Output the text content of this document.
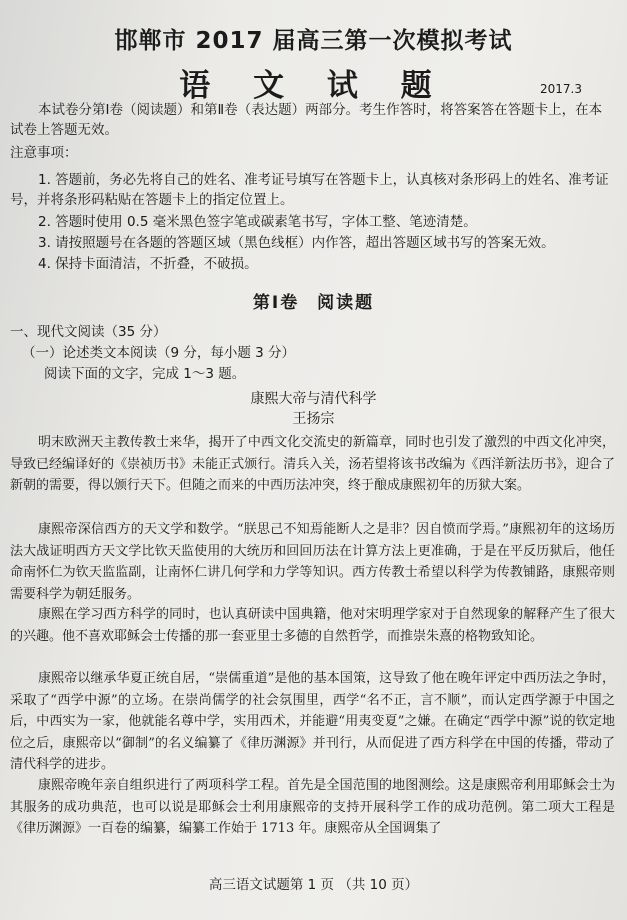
邯郸市 2017 届高三第一次模拟考试
语 文 试 题	2017.3
本试卷分第Ⅰ卷（阅读题）和第Ⅱ卷（表达题）两部分。考生作答时，将答案答在答题卡上，在本试卷上答题无效。
注意事项：
1. 答题前，务必先将自己的姓名、准考证号填写在答题卡上，认真核对条形码上的姓名、准考证号，并将条形码粘贴在答题卡上的指定位置上。
2. 答题时使用 0.5 毫米黑色签字笔或碳素笔书写，字体工整、笔迹清楚。
3. 请按照题号在各题的答题区域（黑色线框）内作答，超出答题区域书写的答案无效。
4. 保持卡面清洁，不折叠，不破损。
第Ⅰ卷 阅读题
一、现代文阅读（35 分）
（一）论述类文本阅读（9 分，每小题 3 分）
阅读下面的文字，完成 1～3 题。
康熙大帝与清代科学
王扬宗
明末欧洲天主教传教士来华，揭开了中西文化交流史的新篇章，同时也引发了激烈的中西文化冲突，导致已经编译好的《崇祯历书》未能正式颁行。清兵入关，汤若望将该书改编为《西洋新法历书》，迎合了新朝的需要，得以颁行天下。但随之而来的中西历法冲突，终于酿成康熙初年的历狱大案。
康熙帝深信西方的天文学和数学。“朕思己不知焉能断人之是非？因自愤而学焉。”康熙初年的这场历法大战证明西方天文学比钦天监使用的大统历和回回历法在计算方法上更准确，于是在平反历狱后，他任命南怀仁为钦天监监副，让南怀仁讲几何学和力学等知识。西方传教士希望以科学为传教铺路，康熙帝则需要科学为朝廷服务。
康熙在学习西方科学的同时，也认真研读中国典籍，他对宋明理学家对于自然现象的解释产生了很大的兴趣。他不喜欢耶稣会士传播的那一套亚里士多德的自然哲学，而推崇朱熹的格物致知论。
康熙帝以继承华夏正统自居，“崇儒重道”是他的基本国策，这导致了他在晚年评定中西历法之争时，采取了“西学中源”的立场。在崇尚儒学的社会氛围里，西学“名不正，言不顺”，而认定西学源于中国之后，中西实为一家，他就能名尊中学，实用西术，并能避“用夷变夏”之嫌。在确定“西学中源”说的钦定地位之后，康熙帝以“御制”的名义编纂了《律历渊源》并刊行，从而促进了西方科学在中国的传播，带动了清代科学的进步。
康熙帝晚年亲自组织进行了两项科学工程。首先是全国范围的地图测绘。这是康熙帝利用耶稣会士为其服务的成功典范，也可以说是耶稣会士利用康熙帝的支持开展科学工作的成功范例。第二项大工程是《律历渊源》一百卷的编纂，编纂工作始于 1713 年。康熙帝从全国调集了
高三语文试题第 1 页 （共 10 页）
